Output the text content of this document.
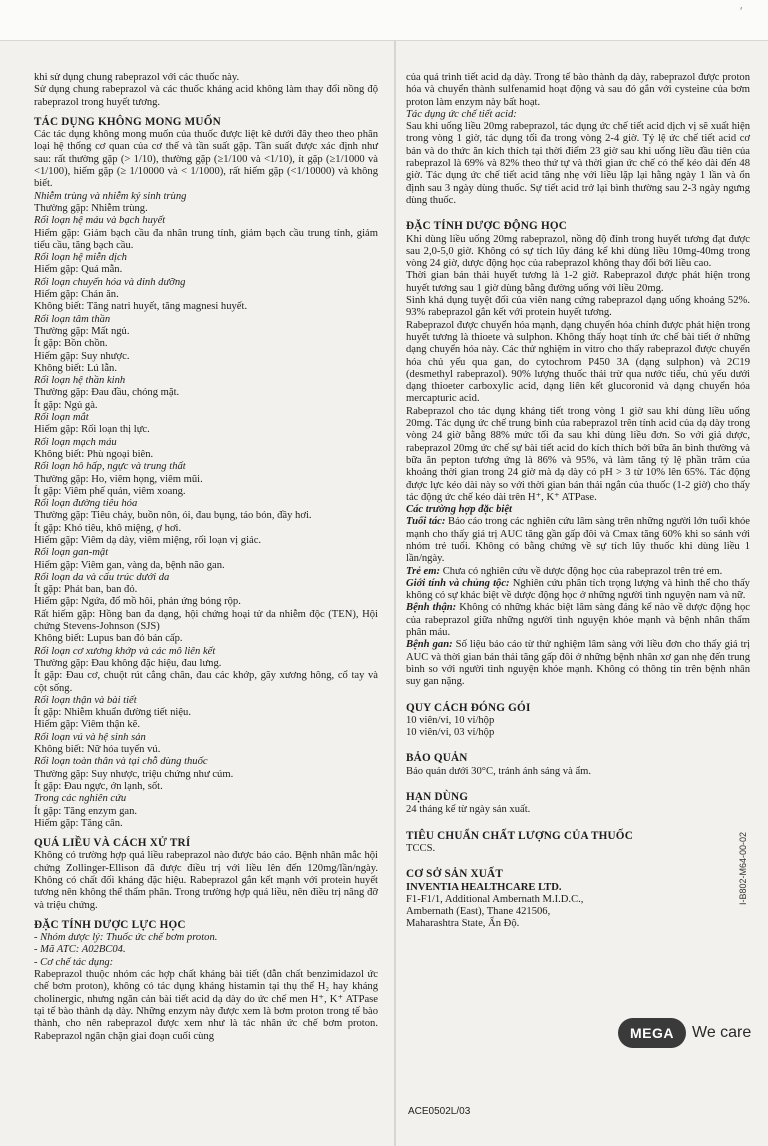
ʹ

khi sử dụng chung rabeprazol với các thuốc này.

Sử dụng chung rabeprazol và các thuốc kháng acid không làm thay đổi nồng độ rabeprazol trong huyết tương.

TÁC DỤNG KHÔNG MONG MUỐN

Các tác dụng không mong muốn của thuốc được liệt kê dưới đây theo theo phân loại hệ thống cơ quan của cơ thể và tần suất gặp. Tần suất được xác định như sau: rất thường gặp (> 1/10), thường gặp (≥1/100 và <1/10), ít gặp (≥1/1000 và <1/100), hiếm gặp (≥ 1/10000 và < 1/1000), rất hiếm gặp (<1/10000) và không biết.

Nhiễm trùng và nhiễm ký sinh trùng

Thường gặp: Nhiễm trùng.

Rối loạn hệ máu và bạch huyết

Hiếm gặp: Giảm bạch cầu đa nhân trung tính, giảm bạch cầu trung tính, giảm tiểu cầu, tăng bạch cầu.

Rối loạn hệ miễn dịch

Hiếm gặp: Quá mẫn.

Rối loạn chuyển hóa và dinh dưỡng

Hiếm gặp: Chán ăn.

Không biết: Tăng natri huyết, tăng magnesi huyết.

Rối loạn tâm thần

Thường gặp: Mất ngủ.

Ít gặp: Bồn chồn.

Hiếm gặp: Suy nhược.

Không biết: Lú lẫn.

Rối loạn hệ thần kinh

Thường gặp: Đau đầu, chóng mặt.

Ít gặp: Ngủ gà.

Rối loạn mắt

Hiếm gặp: Rối loạn thị lực.

Rối loạn mạch máu

Không biết: Phù ngoại biên.

Rối loạn hô hấp, ngực và trung thất

Thường gặp: Ho, viêm họng, viêm mũi.

Ít gặp: Viêm phế quản, viêm xoang.

Rối loạn đường tiêu hóa

Thường gặp: Tiêu chảy, buồn nôn, ói, đau bụng, táo bón, đầy hơi.

Ít gặp: Khó tiêu, khô miệng, ợ hơi.

Hiếm gặp: Viêm dạ dày, viêm miệng, rối loạn vị giác.

Rối loạn gan-mật

Hiếm gặp: Viêm gan, vàng da, bệnh não gan.

Rối loạn da và cấu trúc dưới da

Ít gặp: Phát ban, ban đỏ.

Hiếm gặp: Ngứa, đổ mồ hôi, phản ứng bóng rộp.

Rất hiếm gặp: Hồng ban đa dạng, hội chứng hoại tử da nhiễm độc (TEN), Hội chứng Stevens-Johnson (SJS)

Không biết: Lupus ban đỏ bán cấp.

Rối loạn cơ xương khớp và các mô liên kết

Thường gặp: Đau không đặc hiệu, đau lưng.

Ít gặp: Đau cơ, chuột rút cẳng chân, đau các khớp, gãy xương hông, cổ tay và cột sống.

Rối loạn thận và bài tiết

Ít gặp: Nhiễm khuẩn đường tiết niệu.

Hiếm gặp: Viêm thận kẽ.

Rối loạn vú và hệ sinh sản

Không biết: Nữ hóa tuyến vú.

Rối loạn toàn thân và tại chỗ dùng thuốc

Thường gặp: Suy nhược, triệu chứng như cúm.

Ít gặp: Đau ngực, ớn lạnh, sốt.

Trong các nghiên cứu

Ít gặp: Tăng enzym gan.

Hiếm gặp: Tăng cân.

QUÁ LIỀU VÀ CÁCH XỬ TRÍ

Không có trường hợp quá liều rabeprazol nào được báo cáo. Bệnh nhân mắc hội chứng Zollinger-Ellison đã được điều trị với liều lên đến 120mg/lần/ngày. Không có chất đối kháng đặc hiệu. Rabeprazol gắn kết mạnh với protein huyết tương nên không thể thẩm phân. Trong trường hợp quá liều, nên điều trị nâng đỡ và triệu chứng.

ĐẶC TÍNH DƯỢC LỰC HỌC

- Nhóm dược lý: Thuốc ức chế bơm proton.

- Mã ATC: A02BC04.

- Cơ chế tác dụng:

Rabeprazol thuộc nhóm các hợp chất kháng bài tiết (dẫn chất benzimidazol ức chế bơm proton), không có tác dụng kháng histamin tại thụ thể H₂ hay kháng cholinergic, nhưng ngăn cản bài tiết acid dạ dày do ức chế men H⁺, K⁺ ATPase tại tế bào thành dạ dày. Những enzym này được xem là bơm proton trong tế bào thành, cho nên rabeprazol được xem như là tác nhân ức chế bơm proton. Rabeprazol ngăn chặn giai đoạn cuối cùng

của quá trình tiết acid dạ dày. Trong tế bào thành dạ dày, rabeprazol được proton hóa và chuyển thành sulfenamid hoạt động và sau đó gắn với cysteine của bơm proton làm enzym này bất hoạt.

Tác dụng ức chế tiết acid:

Sau khi uống liều 20mg rabeprazol, tác dụng ức chế tiết acid dịch vị sẽ xuất hiện trong vòng 1 giờ, tác dụng tối đa trong vòng 2-4 giờ. Tỷ lệ ức chế tiết acid cơ bản và do thức ăn kích thích tại thời điểm 23 giờ sau khi uống liều đầu tiên của rabeprazol là 69% và 82% theo thứ tự và thời gian ức chế có thể kéo dài đến 48 giờ. Tác dụng ức chế tiết acid tăng nhẹ với liều lặp lại hằng ngày 1 lần và ổn định sau 3 ngày dùng thuốc. Sự tiết acid trở lại bình thường sau 2-3 ngày ngưng dùng thuốc.

ĐẶC TÍNH DƯỢC ĐỘNG HỌC

Khi dùng liều uống 20mg rabeprazol, nồng độ đỉnh trong huyết tương đạt được sau 2,0-5,0 giờ. Không có sự tích lũy đáng kể khi dùng liều 10mg-40mg trong vòng 24 giờ, dược động học của rabeprazol không thay đổi bởi liều cao.

Thời gian bán thải huyết tương là 1-2 giờ. Rabeprazol được phát hiện trong huyết tương sau 1 giờ dùng bằng đường uống với liều 20mg.

Sinh khả dụng tuyệt đối của viên nang cứng rabeprazol dạng uống khoảng 52%. 93% rabeprazol gắn kết với protein huyết tương.

Rabeprazol được chuyển hóa mạnh, dạng chuyển hóa chính được phát hiện trong huyết tương là thioete và sulphon. Không thấy hoạt tính ức chế bài tiết ở những dạng chuyển hóa này. Các thử nghiệm in vitro cho thấy rabeprazol được chuyển hóa chủ yếu qua gan, do cytochrom P450 3A (dạng sulphon) và 2C19 (desmethyl rabeprazol). 90% lượng thuốc thải trừ qua nước tiểu, chủ yếu dưới dạng thioeter carboxylic acid, dạng liên kết glucoronid và dạng chuyển hóa mercapturic acid.

Rabeprazol cho tác dụng kháng tiết trong vòng 1 giờ sau khi dùng liều uống 20mg. Tác dụng ức chế trung bình của rabeprazol trên tính acid của dạ dày trong vòng 24 giờ bằng 88% mức tối đa sau khi dùng liều đơn. So với giả dược, rabeprazol 20mg ức chế sự bài tiết acid do kích thích bởi bữa ăn bình thường và bữa ăn pepton tương ứng là 86% và 95%, và làm tăng tỷ lệ phần trăm của khoảng thời gian trong 24 giờ mà dạ dày có pH > 3 từ 10% lên 65%. Tác động được lực kéo dài này so với thời gian bán thải ngắn của thuốc (1-2 giờ) cho thấy tác động ức chế kéo dài trên H⁺, K⁺ ATPase.

Các trường hợp đặc biệt

Tuổi tác: Báo cáo trong các nghiên cứu lâm sàng trên những người lớn tuổi khỏe mạnh cho thấy giá trị AUC tăng gần gấp đôi và Cmax tăng 60% khi so sánh với nhóm trẻ tuổi. Không có bằng chứng về sự tích lũy thuốc khi dùng liều 1 lần/ngày.

Trẻ em: Chưa có nghiên cứu về dược động học của rabeprazol trên trẻ em.

Giới tính và chủng tộc: Nghiên cứu phân tích trọng lượng và hình thể cho thấy không có sự khác biệt về dược động học ở những người tình nguyện nam và nữ.

Bệnh thận: Không có những khác biệt lâm sàng đáng kể nào về dược động học của rabeprazol giữa những người tình nguyện khỏe mạnh và bệnh nhân thẩm phân máu.

Bệnh gan: Số liệu báo cáo từ thử nghiệm lâm sàng với liều đơn cho thấy giá trị AUC và thời gian bán thải tăng gấp đôi ở những bệnh nhân xơ gan nhẹ đến trung bình so với người tình nguyện khỏe mạnh. Không có thông tin trên bệnh nhân suy gan nặng.

QUY CÁCH ĐÓNG GÓI

10 viên/vỉ, 10 vỉ/hộp

10 viên/vỉ, 03 vỉ/hộp

BẢO QUẢN

Bảo quản dưới 30°C, tránh ánh sáng và ẩm.

HẠN DÙNG

24 tháng kể từ ngày sản xuất.

TIÊU CHUẨN CHẤT LƯỢNG CỦA THUỐC

TCCS.

CƠ SỞ SẢN XUẤT

INVENTIA HEALTHCARE LTD.

F1-F1/1, Additional Ambernath M.I.D.C.,

Ambernath (East), Thane 421506,

Maharashtra State, Ấn Độ.

MEGA	We care
I-B802-M64-00-02
ACE0502L/03
